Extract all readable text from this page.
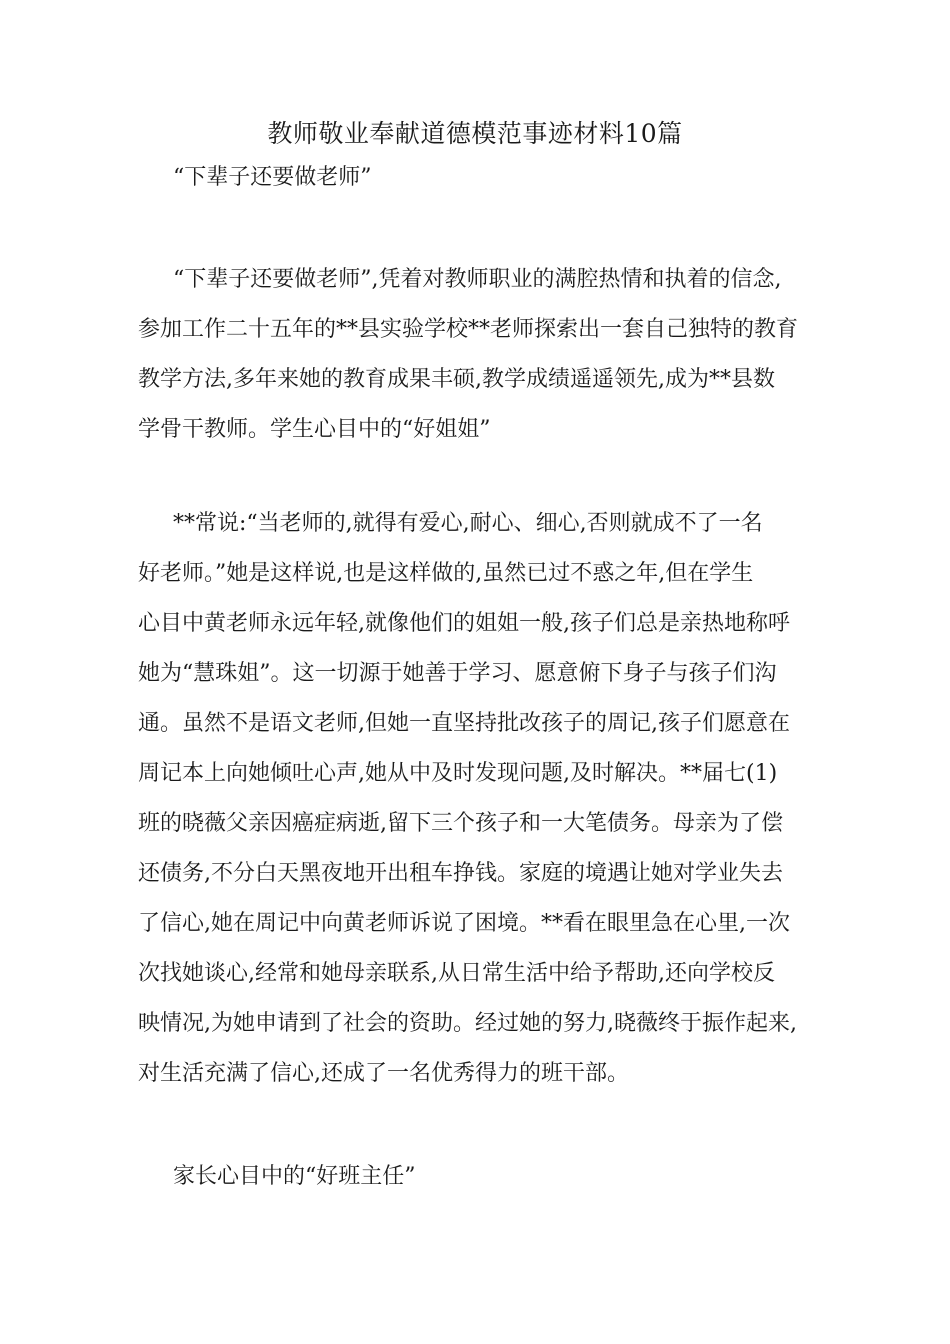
教师敬业奉献道德模范事迹材料10篇
“下辈子还要做老师”
“下辈子还要做老师”,凭着对教师职业的满腔热情和执着的信念,
参加工作二十五年的**县实验学校**老师探索出一套自己独特的教育
教学方法,多年来她的教育成果丰硕,教学成绩遥遥领先,成为**县数
学骨干教师。学生心目中的“好姐姐”
**常说:“当老师的,就得有爱心,耐心、细心,否则就成不了一名
好老师。”她是这样说,也是这样做的,虽然已过不惑之年,但在学生
心目中黄老师永远年轻,就像他们的姐姐一般,孩子们总是亲热地称呼
她为“慧珠姐”。这一切源于她善于学习、愿意俯下身子与孩子们沟
通。虽然不是语文老师,但她一直坚持批改孩子的周记,孩子们愿意在
周记本上向她倾吐心声,她从中及时发现问题,及时解决。**届七(1)
班的晓薇父亲因癌症病逝,留下三个孩子和一大笔债务。母亲为了偿
还债务,不分白天黑夜地开出租车挣钱。家庭的境遇让她对学业失去
了信心,她在周记中向黄老师诉说了困境。**看在眼里急在心里,一次
次找她谈心,经常和她母亲联系,从日常生活中给予帮助,还向学校反
映情况,为她申请到了社会的资助。经过她的努力,晓薇终于振作起来,
对生活充满了信心,还成了一名优秀得力的班干部。
家长心目中的“好班主任”
